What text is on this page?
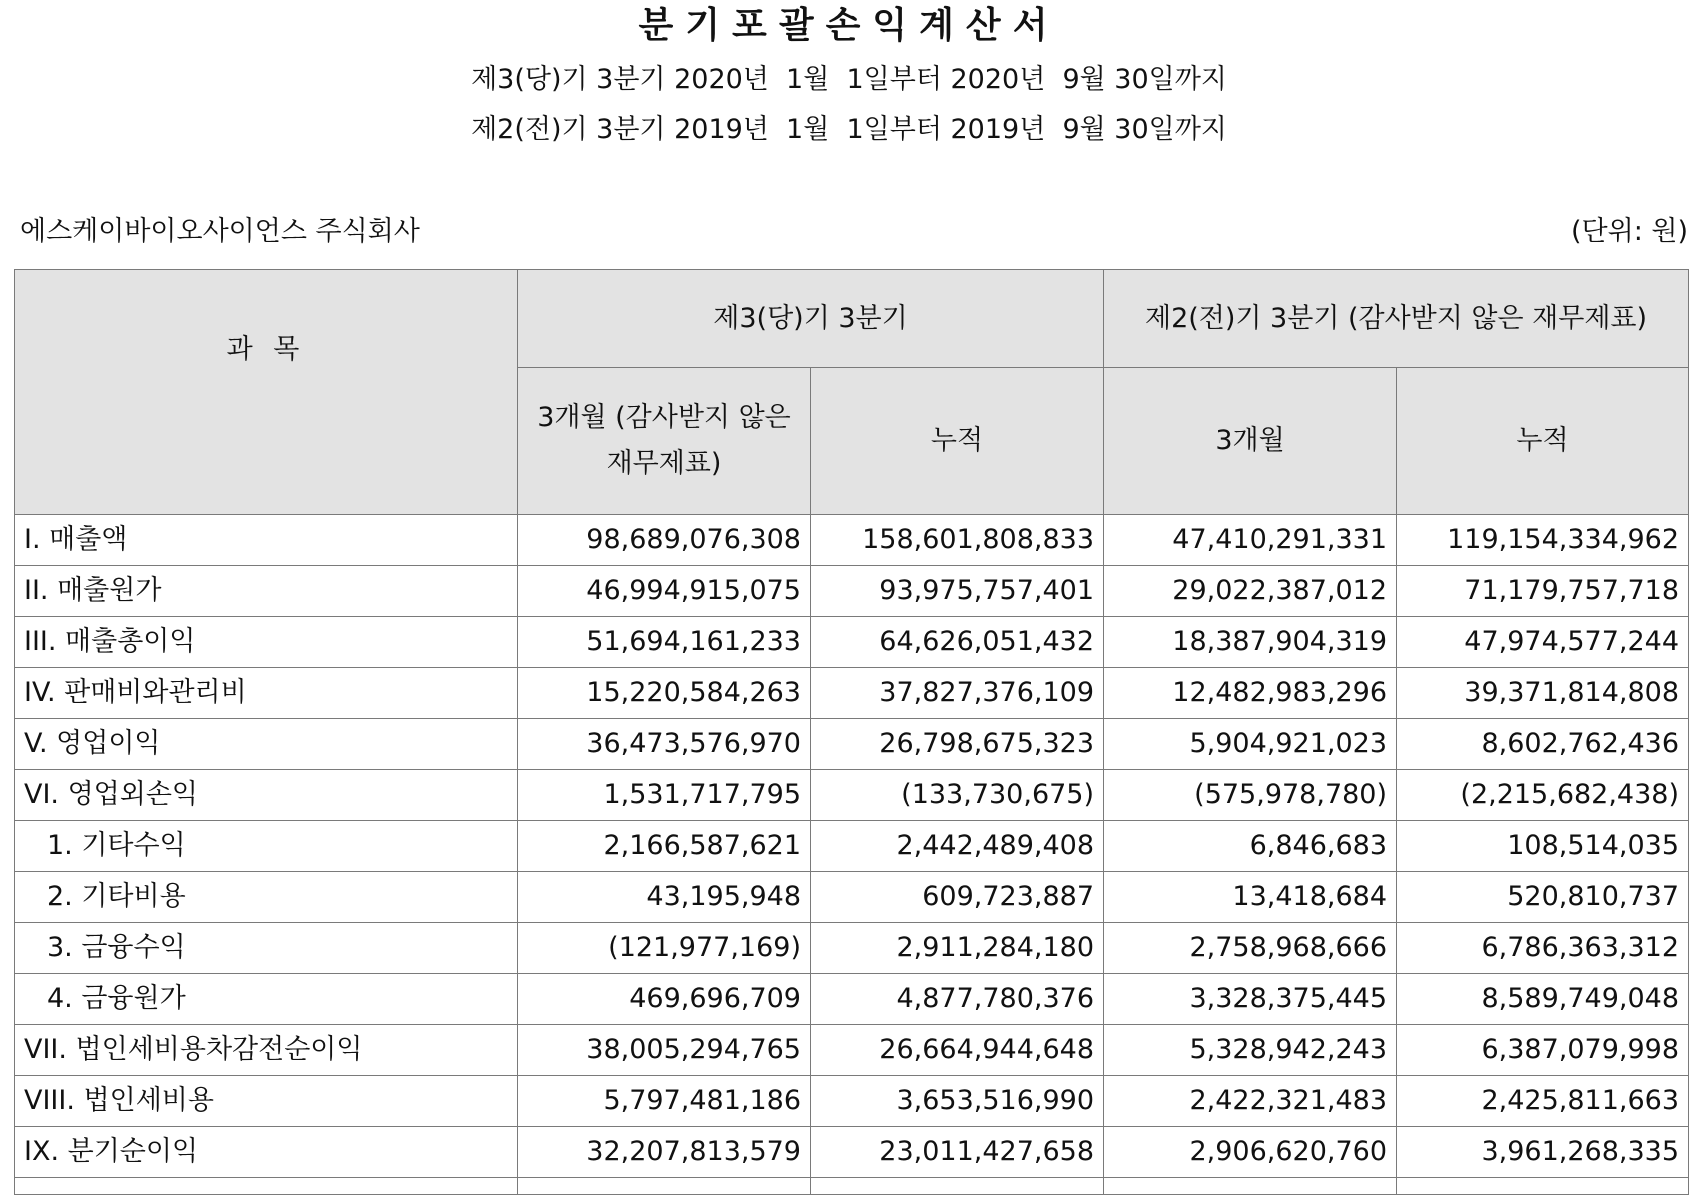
분기포괄손익계산서
제3(당)기 3분기 2020년  1월  1일부터 2020년  9월 30일까지
제2(전)기 3분기 2019년  1월  1일부터 2019년  9월 30일까지
에스케이바이오사이언스 주식회사	(단위: 원)
과 목	제3(당)기 3분기		제2(전)기 3분기 (감사받지 않은 재무제표)	
	3개월 (감사받지 않은 재무제표)	누적	3개월	누적
I. 매출액	98,689,076,308	158,601,808,833	47,410,291,331	119,154,334,962
II. 매출원가	46,994,915,075	93,975,757,401	29,022,387,012	71,179,757,718
III. 매출총이익	51,694,161,233	64,626,051,432	18,387,904,319	47,974,577,244
IV. 판매비와관리비	15,220,584,263	37,827,376,109	12,482,983,296	39,371,814,808
V. 영업이익	36,473,576,970	26,798,675,323	5,904,921,023	8,602,762,436
VI. 영업외손익	1,531,717,795	(133,730,675)	(575,978,780)	(2,215,682,438)
1. 기타수익	2,166,587,621	2,442,489,408	6,846,683	108,514,035
2. 기타비용	43,195,948	609,723,887	13,418,684	520,810,737
3. 금융수익	(121,977,169)	2,911,284,180	2,758,968,666	6,786,363,312
4. 금융원가	469,696,709	4,877,780,376	3,328,375,445	8,589,749,048
VII. 법인세비용차감전순이익	38,005,294,765	26,664,944,648	5,328,942,243	6,387,079,998
VIII. 법인세비용	5,797,481,186	3,653,516,990	2,422,321,483	2,425,811,663
IX. 분기순이익	32,207,813,579	23,011,427,658	2,906,620,760	3,961,268,335
